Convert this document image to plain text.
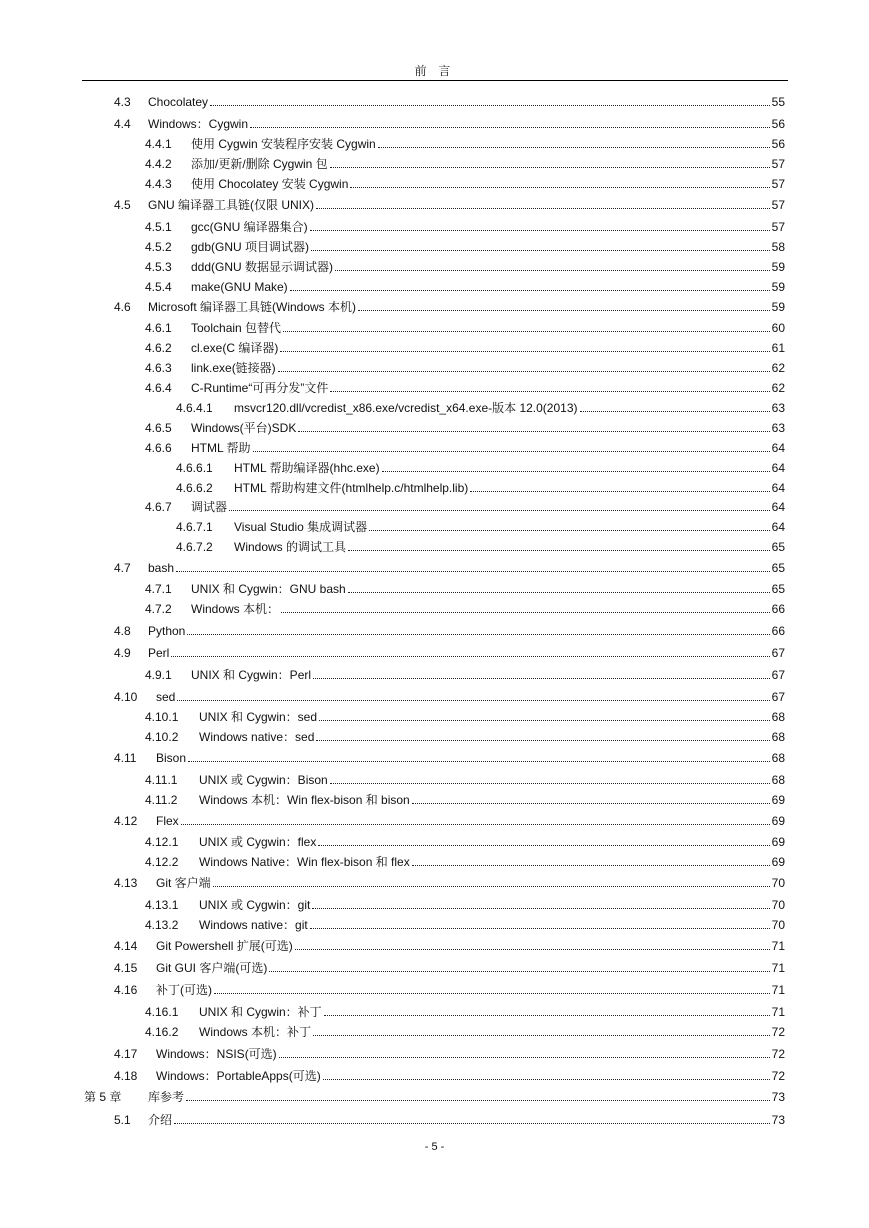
前 言
4.3	Chocolatey	55
4.4	Windows：Cygwin	56
4.4.1	使用 Cygwin 安装程序安装 Cygwin	56
4.4.2	添加/更新/删除 Cygwin 包	57
4.4.3	使用 Chocolatey 安装 Cygwin	57
4.5	GNU 编译器工具链(仅限 UNIX)	57
4.5.1	gcc(GNU 编译器集合)	57
4.5.2	gdb(GNU 项目调试器)	58
4.5.3	ddd(GNU 数据显示调试器)	59
4.5.4	make(GNU Make)	59
4.6	Microsoft 编译器工具链(Windows 本机)	59
4.6.1	Toolchain 包替代	60
4.6.2	cl.exe(C 编译器)	61
4.6.3	link.exe(链接器)	62
4.6.4	C-Runtime“可再分发”文件	62
4.6.4.1	msvcr120.dll/vcredist_x86.exe/vcredist_x64.exe-版本 12.0(2013)	63
4.6.5	Windows(平台)SDK	63
4.6.6	HTML 帮助	64
4.6.6.1	HTML 帮助编译器(hhc.exe)	64
4.6.6.2	HTML 帮助构建文件(htmlhelp.c/htmlhelp.lib)	64
4.6.7	调试器	64
4.6.7.1	Visual Studio 集成调试器	64
4.6.7.2	Windows 的调试工具	65
4.7	bash	65
4.7.1	UNIX 和 Cygwin：GNU bash	65
4.7.2	Windows 本机：	66
4.8	Python	66
4.9	Perl	67
4.9.1	UNIX 和 Cygwin：Perl	67
4.10	sed	67
4.10.1	UNIX 和 Cygwin：sed	68
4.10.2	Windows native：sed	68
4.11	Bison	68
4.11.1	UNIX 或 Cygwin：Bison	68
4.11.2	Windows 本机：Win flex-bison 和 bison	69
4.12	Flex	69
4.12.1	UNIX 或 Cygwin：flex	69
4.12.2	Windows Native：Win flex-bison 和 flex	69
4.13	Git 客户端	70
4.13.1	UNIX 或 Cygwin：git	70
4.13.2	Windows native：git	70
4.14	Git Powershell 扩展(可选)	71
4.15	Git GUI 客户端(可选)	71
4.16	补丁(可选)	71
4.16.1	UNIX 和 Cygwin：补丁	71
4.16.2	Windows 本机：补丁	72
4.17	Windows：NSIS(可选)	72
4.18	Windows：PortableApps(可选)	72
第 5 章	库参考	73
5.1	介绍	73
- 5 -
